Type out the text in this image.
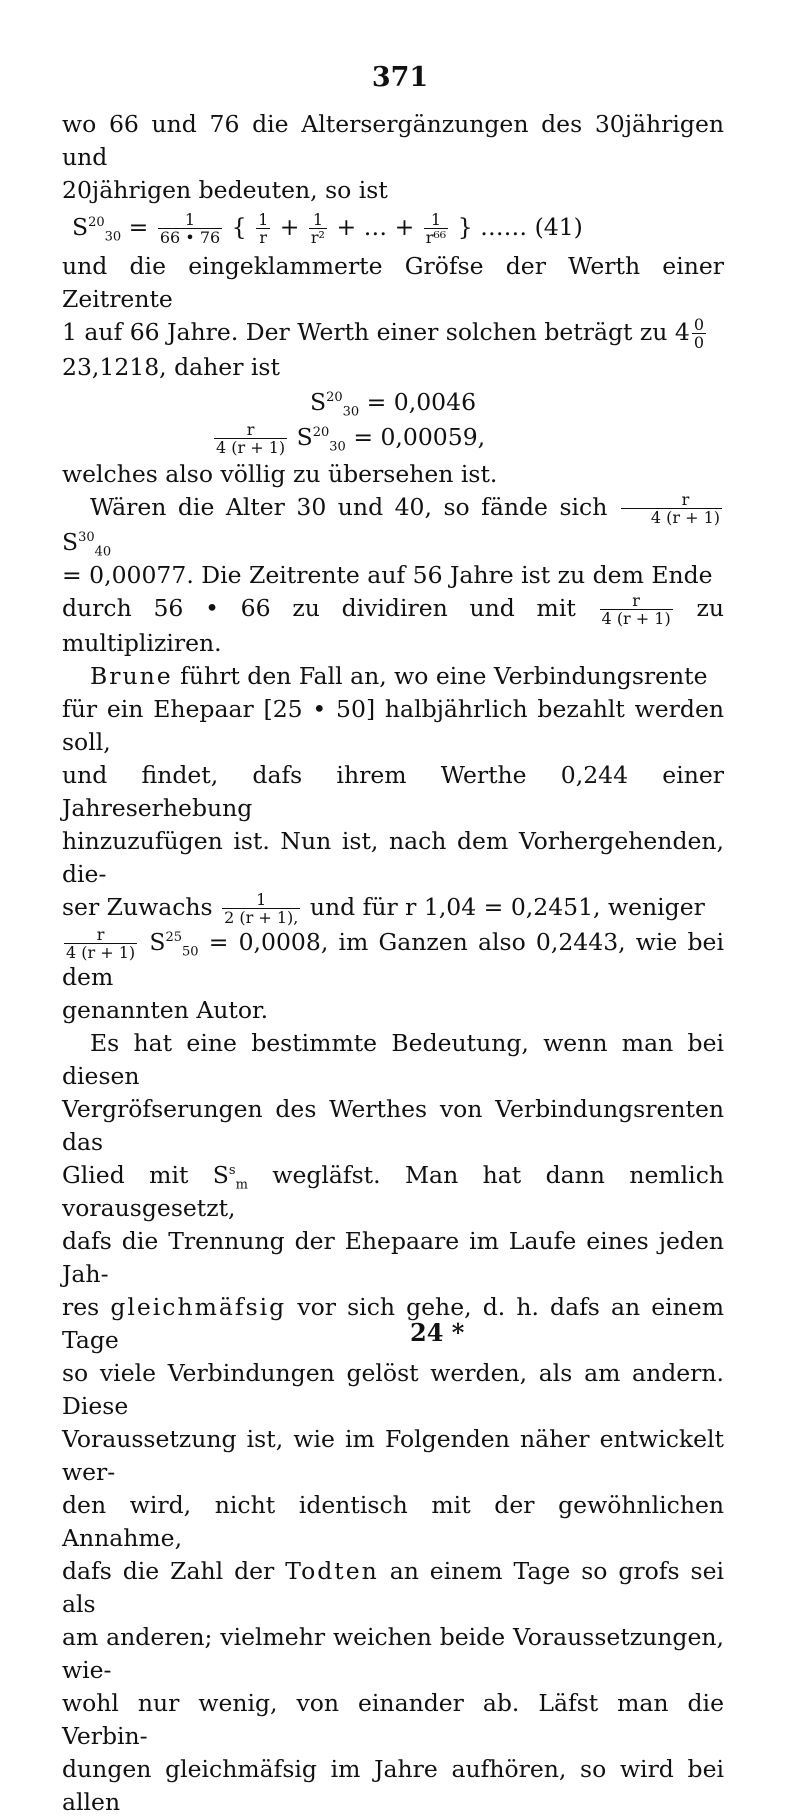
371

wo 66 und 76 die Altersergänzungen des 30jährigen und

20jährigen bedeuten, so ist

$S^{20}_{30} = \frac{1}{66 • 76}$ { $\frac{1}{r} + \frac{1}{\text{r²}}$ + … + $\frac{1}{\text{r⁶⁶}}$ } …… (41)

und die eingeklammerte Gröfse der Werth einer Zeitrente

1 auf 66 Jahre. Der Werth einer solchen beträgt zu $4 \frac{0}{0}$

23,1218, daher ist

$S^{20}_{30} = 0,0046$

$\frac{r}{4 (r + 1)} S^{20}_{30} = 0,00059$,

welches also völlig zu übersehen ist.

Wären die Alter 30 und 40, so fände sich $\frac{r}{4 (r + 1)}$
$S^{30}_{40}$

= 0,00077. Die Zeitrente auf 56 Jahre ist zu dem Ende

durch 56 • 66 zu dividiren und mit $\frac{r}{4 (r + 1)}$ zu multipliziren.

Brune führt den Fall an, wo eine Verbindungsrente

für ein Ehepaar [25 • 50] halbjährlich bezahlt werden soll,

und findet, dafs ihrem Werthe 0,244 einer Jahreserhebung

hinzuzufügen ist. Nun ist, nach dem Vorhergehenden, die-

ser Zuwachs $\frac{1}{2 (r + 1),}$ und für r 1,04 = 0,2451, weniger

$\frac{r}{4 (r + 1)} S^{25}_{50} = 0,0008$, im Ganzen also 0,2443, wie bei dem

genannten Autor.

Es hat eine bestimmte Bedeutung, wenn man bei diesen

Vergröfserungen des Werthes von Verbindungsrenten das

Glied mit $S^s_m$ wegläfst. Man hat dann nemlich vorausgesetzt,

dafs die Trennung der Ehepaare im Laufe eines jeden Jah-

res gleichmäfsig vor sich gehe, d. h. dafs an einem Tage

so viele Verbindungen gelöst werden, als am andern. Diese

Voraussetzung ist, wie im Folgenden näher entwickelt wer-

den wird, nicht identisch mit der gewöhnlichen Annahme,

dafs die Zahl der Todten an einem Tage so grofs sei als

am anderen; vielmehr weichen beide Voraussetzungen, wie-

wohl nur wenig, von einander ab. Läfst man die Verbin-

dungen gleichmäfsig im Jahre aufhören, so wird bei allen

24 *
